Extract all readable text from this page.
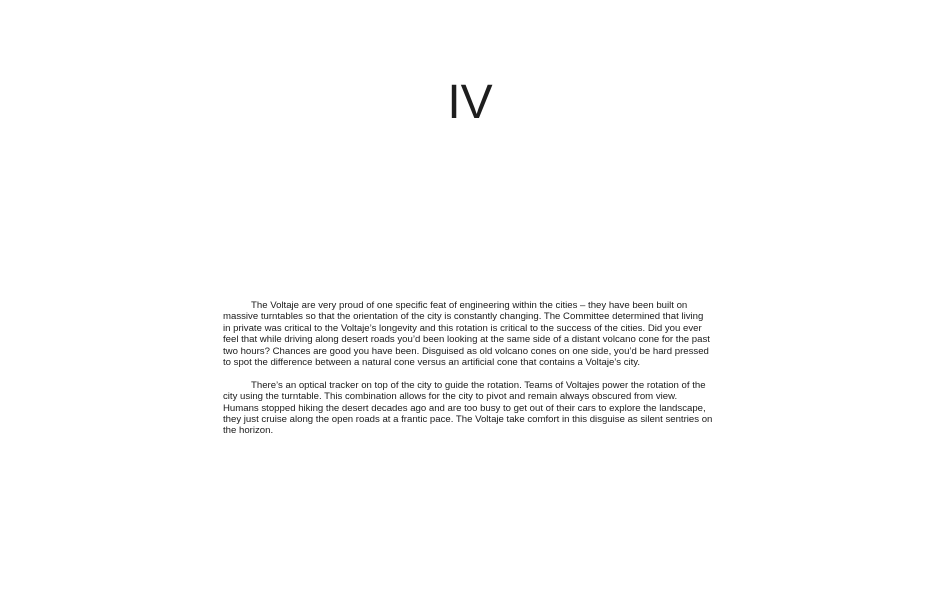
IV

The Voltaje are very proud of one specific feat of engineering within the cities – they have been built on massive turntables so that the orientation of the city is constantly changing. The Committee determined that living in private was critical to the Voltaje’s longevity and this rotation is critical to the success of the cities. Did you ever feel that while driving along desert roads you’d been looking at the same side of a distant volcano cone for the past two hours? Chances are good you have been. Disguised as old volcano cones on one side, you’d be hard pressed to spot the difference between a natural cone versus an artificial cone that contains a Voltaje’s city.

There’s an optical tracker on top of the city to guide the rotation. Teams of Voltajes power the rotation of the city using the turntable. This combination allows for the city to pivot and remain always obscured from view. Humans stopped hiking the desert decades ago and are too busy to get out of their cars to explore the landscape, they just cruise along the open roads at a frantic pace. The Voltaje take comfort in this disguise as silent sentries on the horizon.
